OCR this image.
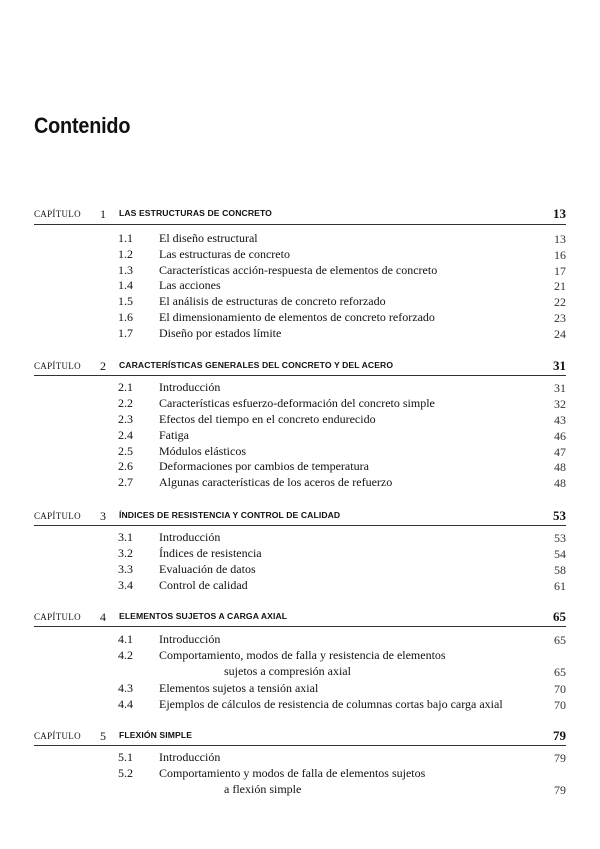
Contenido
CAPÍTULO 1 LAS ESTRUCTURAS DE CONCRETO	13
1.1 El diseño estructural	13
1.2 Las estructuras de concreto	16
1.3 Características acción-respuesta de elementos de concreto	17
1.4 Las acciones	21
1.5 El análisis de estructuras de concreto reforzado	22
1.6 El dimensionamiento de elementos de concreto reforzado	23
1.7 Diseño por estados límite	24
CAPÍTULO 2 CARACTERÍSTICAS GENERALES DEL CONCRETO Y DEL ACERO	31
2.1 Introducción	31
2.2 Características esfuerzo-deformación del concreto simple	32
2.3 Efectos del tiempo en el concreto endurecido	43
2.4 Fatiga	46
2.5 Módulos elásticos	47
2.6 Deformaciones por cambios de temperatura	48
2.7 Algunas características de los aceros de refuerzo	48
CAPÍTULO 3 ÍNDICES DE RESISTENCIA Y CONTROL DE CALIDAD	53
3.1 Introducción	53
3.2 Índices de resistencia	54
3.3 Evaluación de datos	58
3.4 Control de calidad	61
CAPÍTULO 4 ELEMENTOS SUJETOS A CARGA AXIAL	65
4.1 Introducción	65
4.2 Comportamiento, modos de falla y resistencia de elementos
sujetos a compresión axial	65
4.3 Elementos sujetos a tensión axial	70
4.4 Ejemplos de cálculos de resistencia de columnas cortas bajo carga axial	70
CAPÍTULO 5 FLEXIÓN SIMPLE	79
5.1 Introducción	79
5.2 Comportamiento y modos de falla de elementos sujetos
a flexión simple	79
